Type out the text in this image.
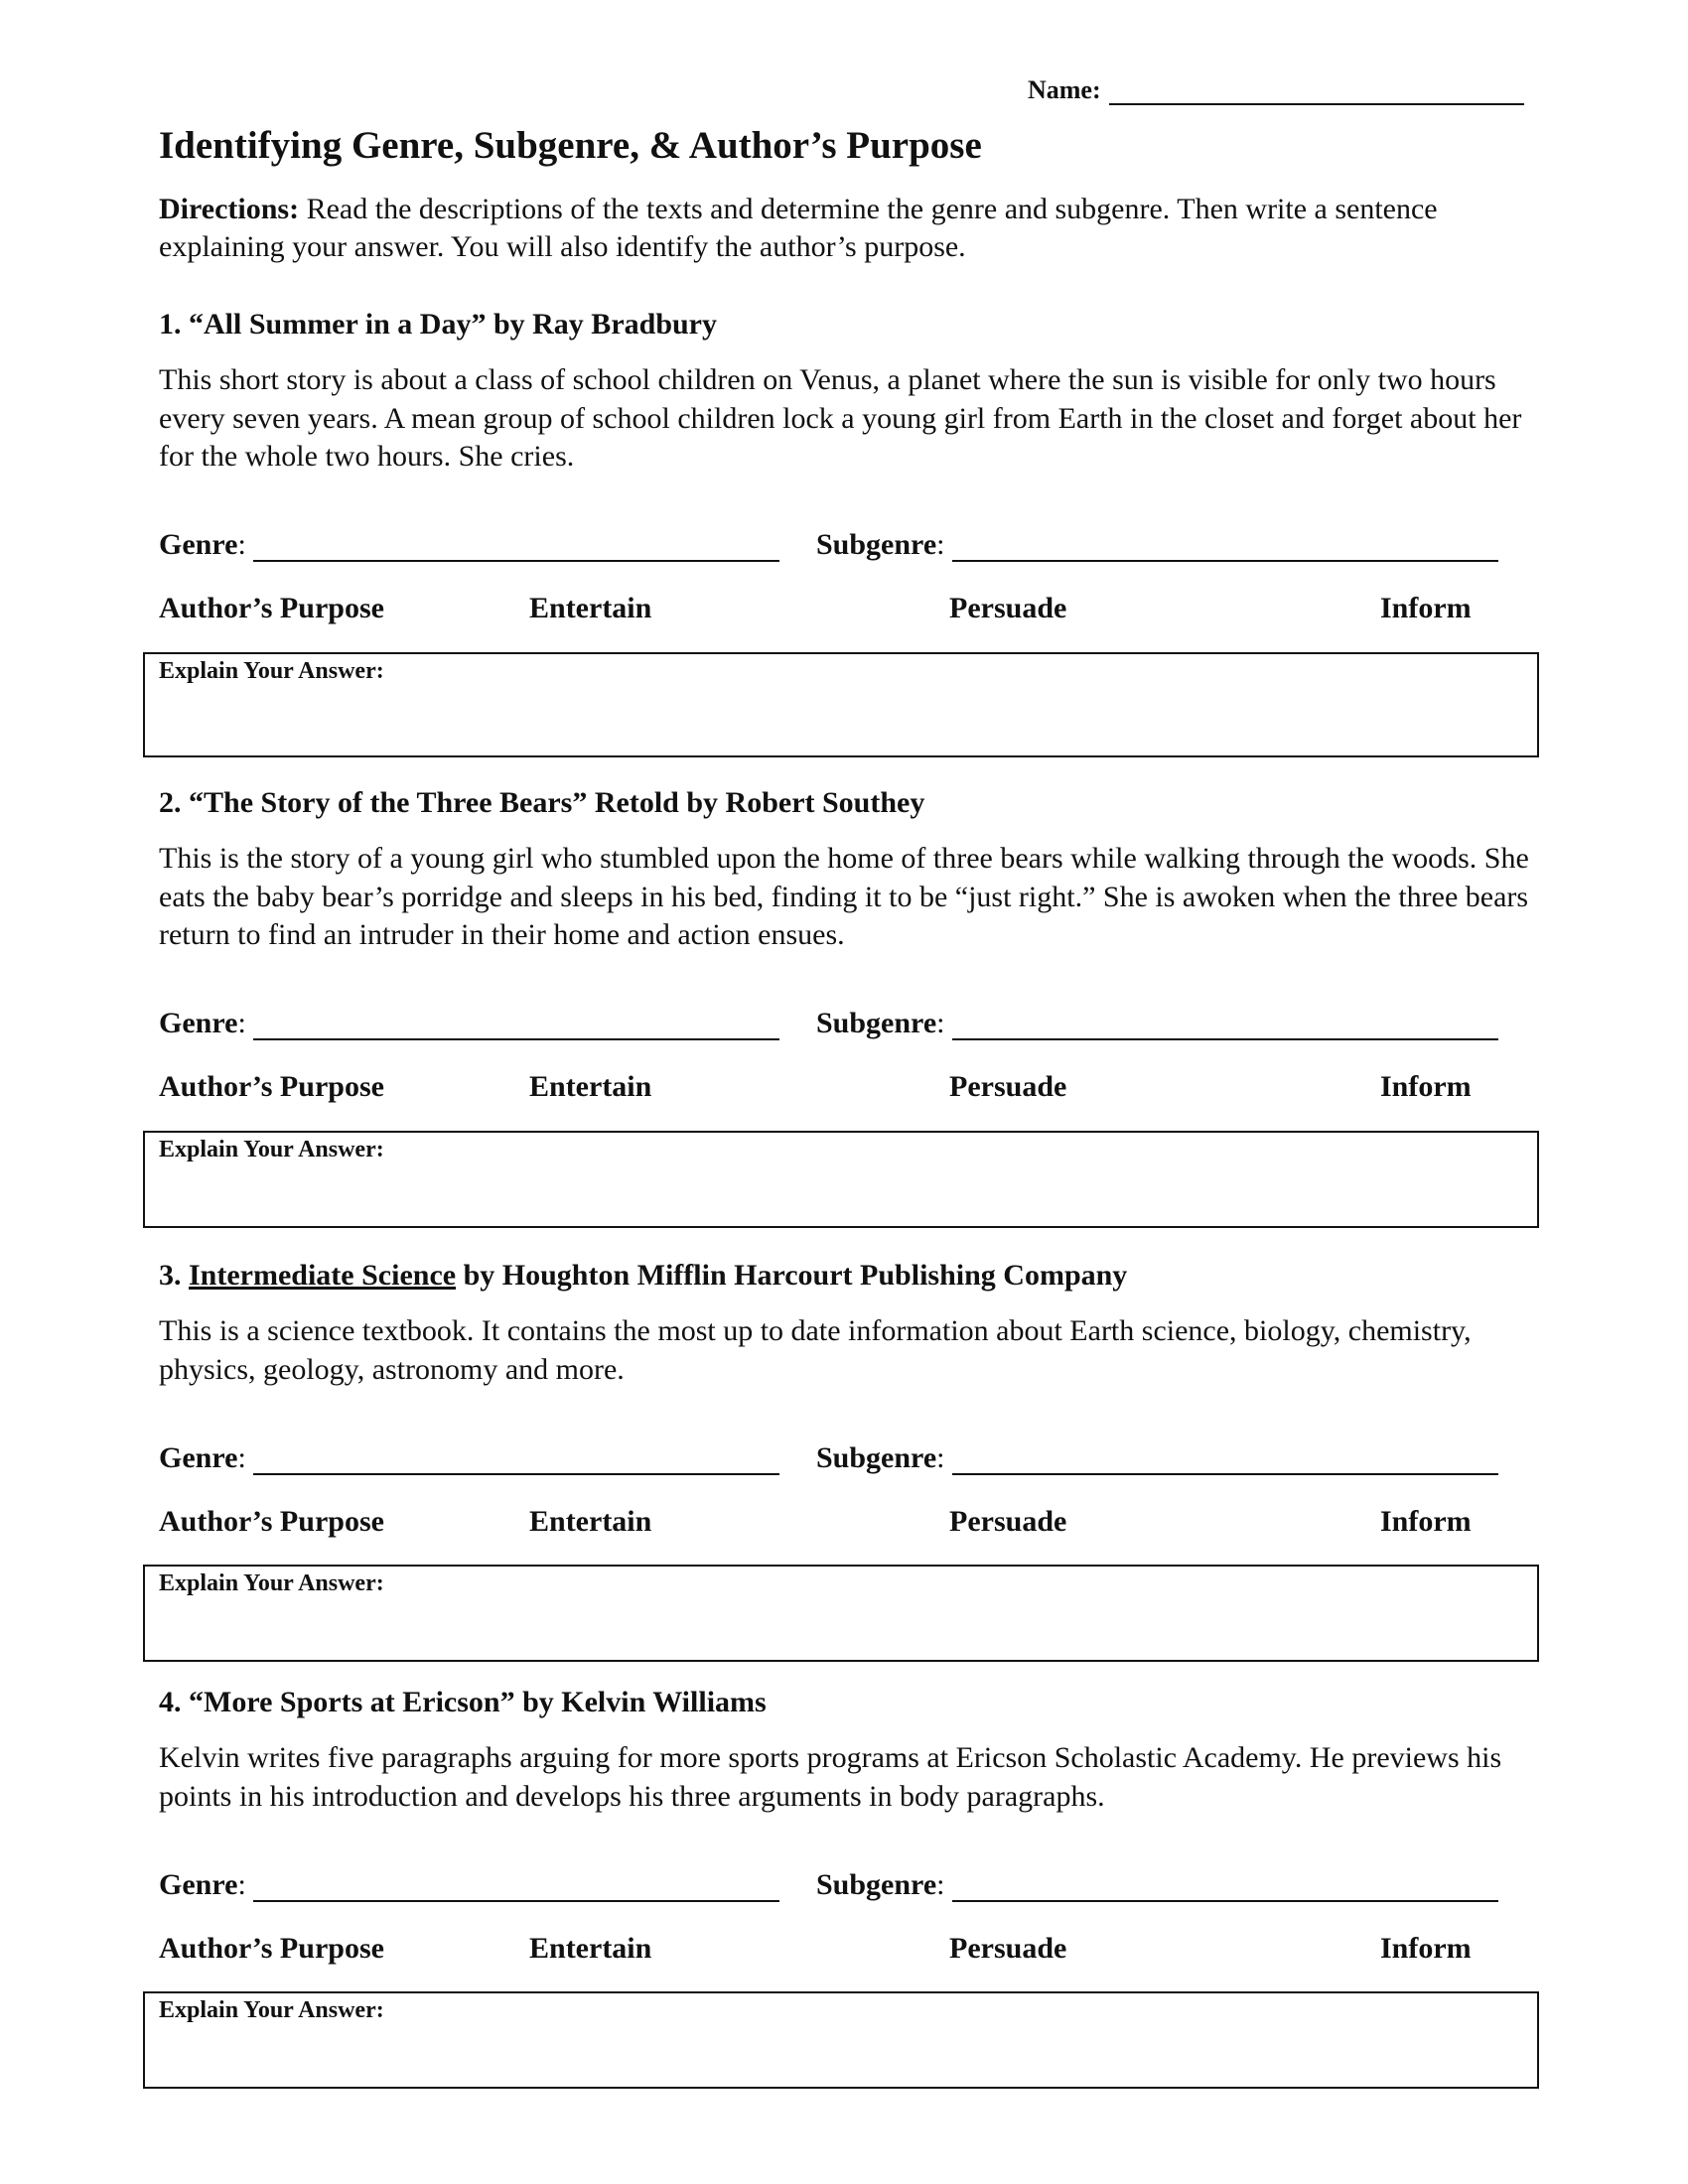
Name:
Identifying Genre, Subgenre, & Author’s Purpose
Directions: Read the descriptions of the texts and determine the genre and subgenre. Then write a sentence explaining your answer. You will also identify the author’s purpose.
1. “All Summer in a Day” by Ray Bradbury
This short story is about a class of school children on Venus, a planet where the sun is visible for only two hours every seven years. A mean group of school children lock a young girl from Earth in the closet and forget about her for the whole two hours. She cries.
Genre:	Subgenre:
Author’s Purpose	Entertain	Persuade	Inform
Explain Your Answer:
2. “The Story of the Three Bears” Retold by Robert Southey
This is the story of a young girl who stumbled upon the home of three bears while walking through the woods. She eats the baby bear’s porridge and sleeps in his bed, finding it to be “just right.” She is awoken when the three bears return to find an intruder in their home and action ensues.
Genre:	Subgenre:
Author’s Purpose	Entertain	Persuade	Inform
Explain Your Answer:
3. Intermediate Science by Houghton Mifflin Harcourt Publishing Company
This is a science textbook. It contains the most up to date information about Earth science, biology, chemistry, physics, geology, astronomy and more.
Genre:	Subgenre:
Author’s Purpose	Entertain	Persuade	Inform
Explain Your Answer:
4. “More Sports at Ericson” by Kelvin Williams
Kelvin writes five paragraphs arguing for more sports programs at Ericson Scholastic Academy. He previews his points in his introduction and develops his three arguments in body paragraphs.
Genre:	Subgenre:
Author’s Purpose	Entertain	Persuade	Inform
Explain Your Answer:
